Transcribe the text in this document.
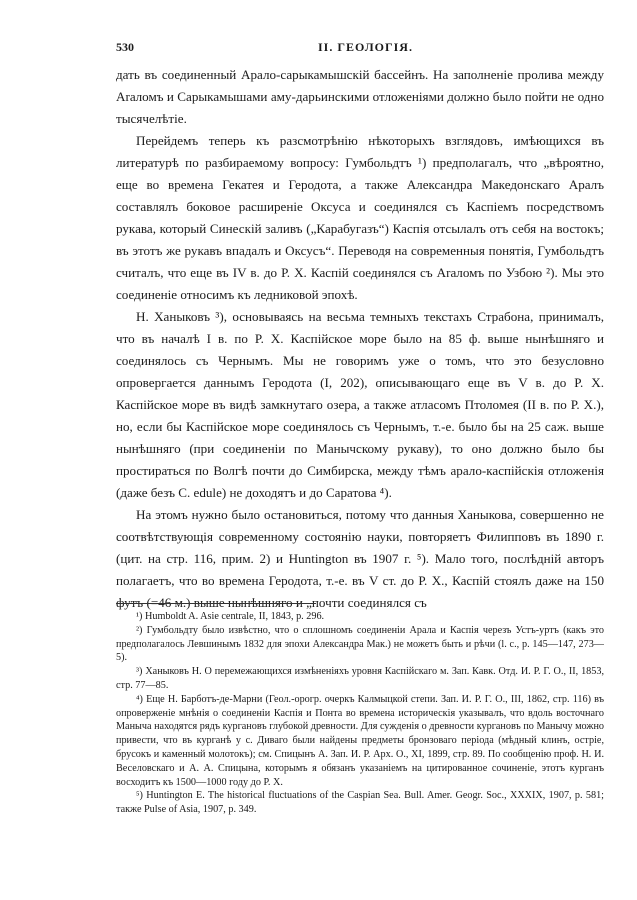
530	II. ГЕОЛОГІЯ.

дать въ соединенный Арало-сарыкамышскій бассейнъ. На заполненіе пролива между Araломъ и Сарыкамышами аму-дарьинскими отложеніями должно было пойти не одно тысячелѣтіе.

Перейдемъ теперь къ разсмотрѣнію нѣкоторыхъ взглядовъ, имѣющихся въ литературѣ по разбираемому вопросу: Гумбольдтъ ¹) предполагалъ, что „вѣроятно, еще во времена Гекатея и Геродота, а также Александра Македонскаго Аралъ составлялъ боковое расширеніе Оксуса и соединялся съ Каспіемъ посредствомъ рукава, который Синескій заливъ („Карабугазъ“) Каспія отсылалъ отъ себя на востокъ; въ этотъ же рукавъ впадалъ и Оксусъ“. Переводя на современныя понятія, Гумбольдтъ считалъ, что еще въ IV в. до Р. Х. Каспій соединялся съ Araломъ по Узбою ²). Мы это соединеніе относимъ къ ледниковой эпохѣ.

Н. Ханыковъ ³), основываясь на весьма темныхъ текстахъ Страбона, принималъ, что въ началѣ I в. по Р. Х. Каспійское море было на 85 ф. выше нынѣшняго и соединялось съ Чернымъ. Мы не говоримъ уже о томъ, что это безусловно опровергается даннымъ Геродота (I, 202), описывающаго еще въ V в. до Р. Х. Каспійское море въ видѣ замкнутаго озера, а также атласомъ Птоломея (II в. по Р. Х.), но, если бы Каспійское море соединялось съ Чернымъ, т.-е. было бы на 25 саж. выше нынѣшняго (при соединеніи по Манычскому рукаву), то оно должно было бы простираться по Волгѣ почти до Симбирска, между тѣмъ арало-каспійскія отложенія (даже безъ C. edule) не доходятъ и до Саратова ⁴).

На этомъ нужно было остановиться, потому что данныя Ханыкова, совершенно не соотвѣтствующія современному состоянію науки, повторяетъ Филипповъ въ 1890 г. (цит. на стр. 116, прим. 2) и Huntington въ 1907 г. ⁵). Мало того, послѣдній авторъ полагаетъ, что во времена Геродота, т.-е. въ V ст. до Р. Х., Каспій стоялъ даже на 150 футъ (=46 м.) выше нынѣшняго и „почти соединялся съ

¹) Humboldt A. Asie centrale, II, 1843, p. 296.

²) Гумбольдту было извѣстно, что о сплошномъ соединеніи Арала и Каспія черезъ Устъ-уртъ (какъ это предполагалось Левшинымъ 1832 для эпохи Александра Мак.) не можетъ быть и рѣчи (l. c., p. 145—147, 273—5).

³) Ханыковъ Н. О перемежающихся измѣненіяхъ уровня Каспійскаго м. Зап. Кавк. Отд. И. Р. Г. О., II, 1853, стр. 77—85.

⁴) Еще Н. Барботъ-де-Марни (Геол.-орогр. очеркъ Калмыцкой степи. Зап. И. Р. Г. О., III, 1862, стр. 116) въ опроверженіе мнѣнія о соединеніи Каспія и Понта во времена историческія указывалъ, что вдоль восточнаго Маныча находятся рядъ кургановъ глубокой древности. Для сужденія о древности кургановъ по Манычу можно привести, что въ курганѣ у с. Диваго были найдены предметы бронзоваго періода (мѣдный клинъ, остріе, брусокъ и каменный молотокъ); см. Спицынъ А. Зап. И. Р. Арх. О., XI, 1899, стр. 89. По сообщенію проф. Н. И. Веселовскаго и А. А. Спицына, которымъ я обязанъ указаніемъ на цитированное сочиненіе, этотъ курганъ восходитъ къ 1500—1000 году до Р. Х.

⁵) Huntington E. The historical fluctuations of the Caspian Sea. Bull. Amer. Geogr. Soc., XXXIX, 1907, p. 581; также Pulse of Asia, 1907, p. 349.
